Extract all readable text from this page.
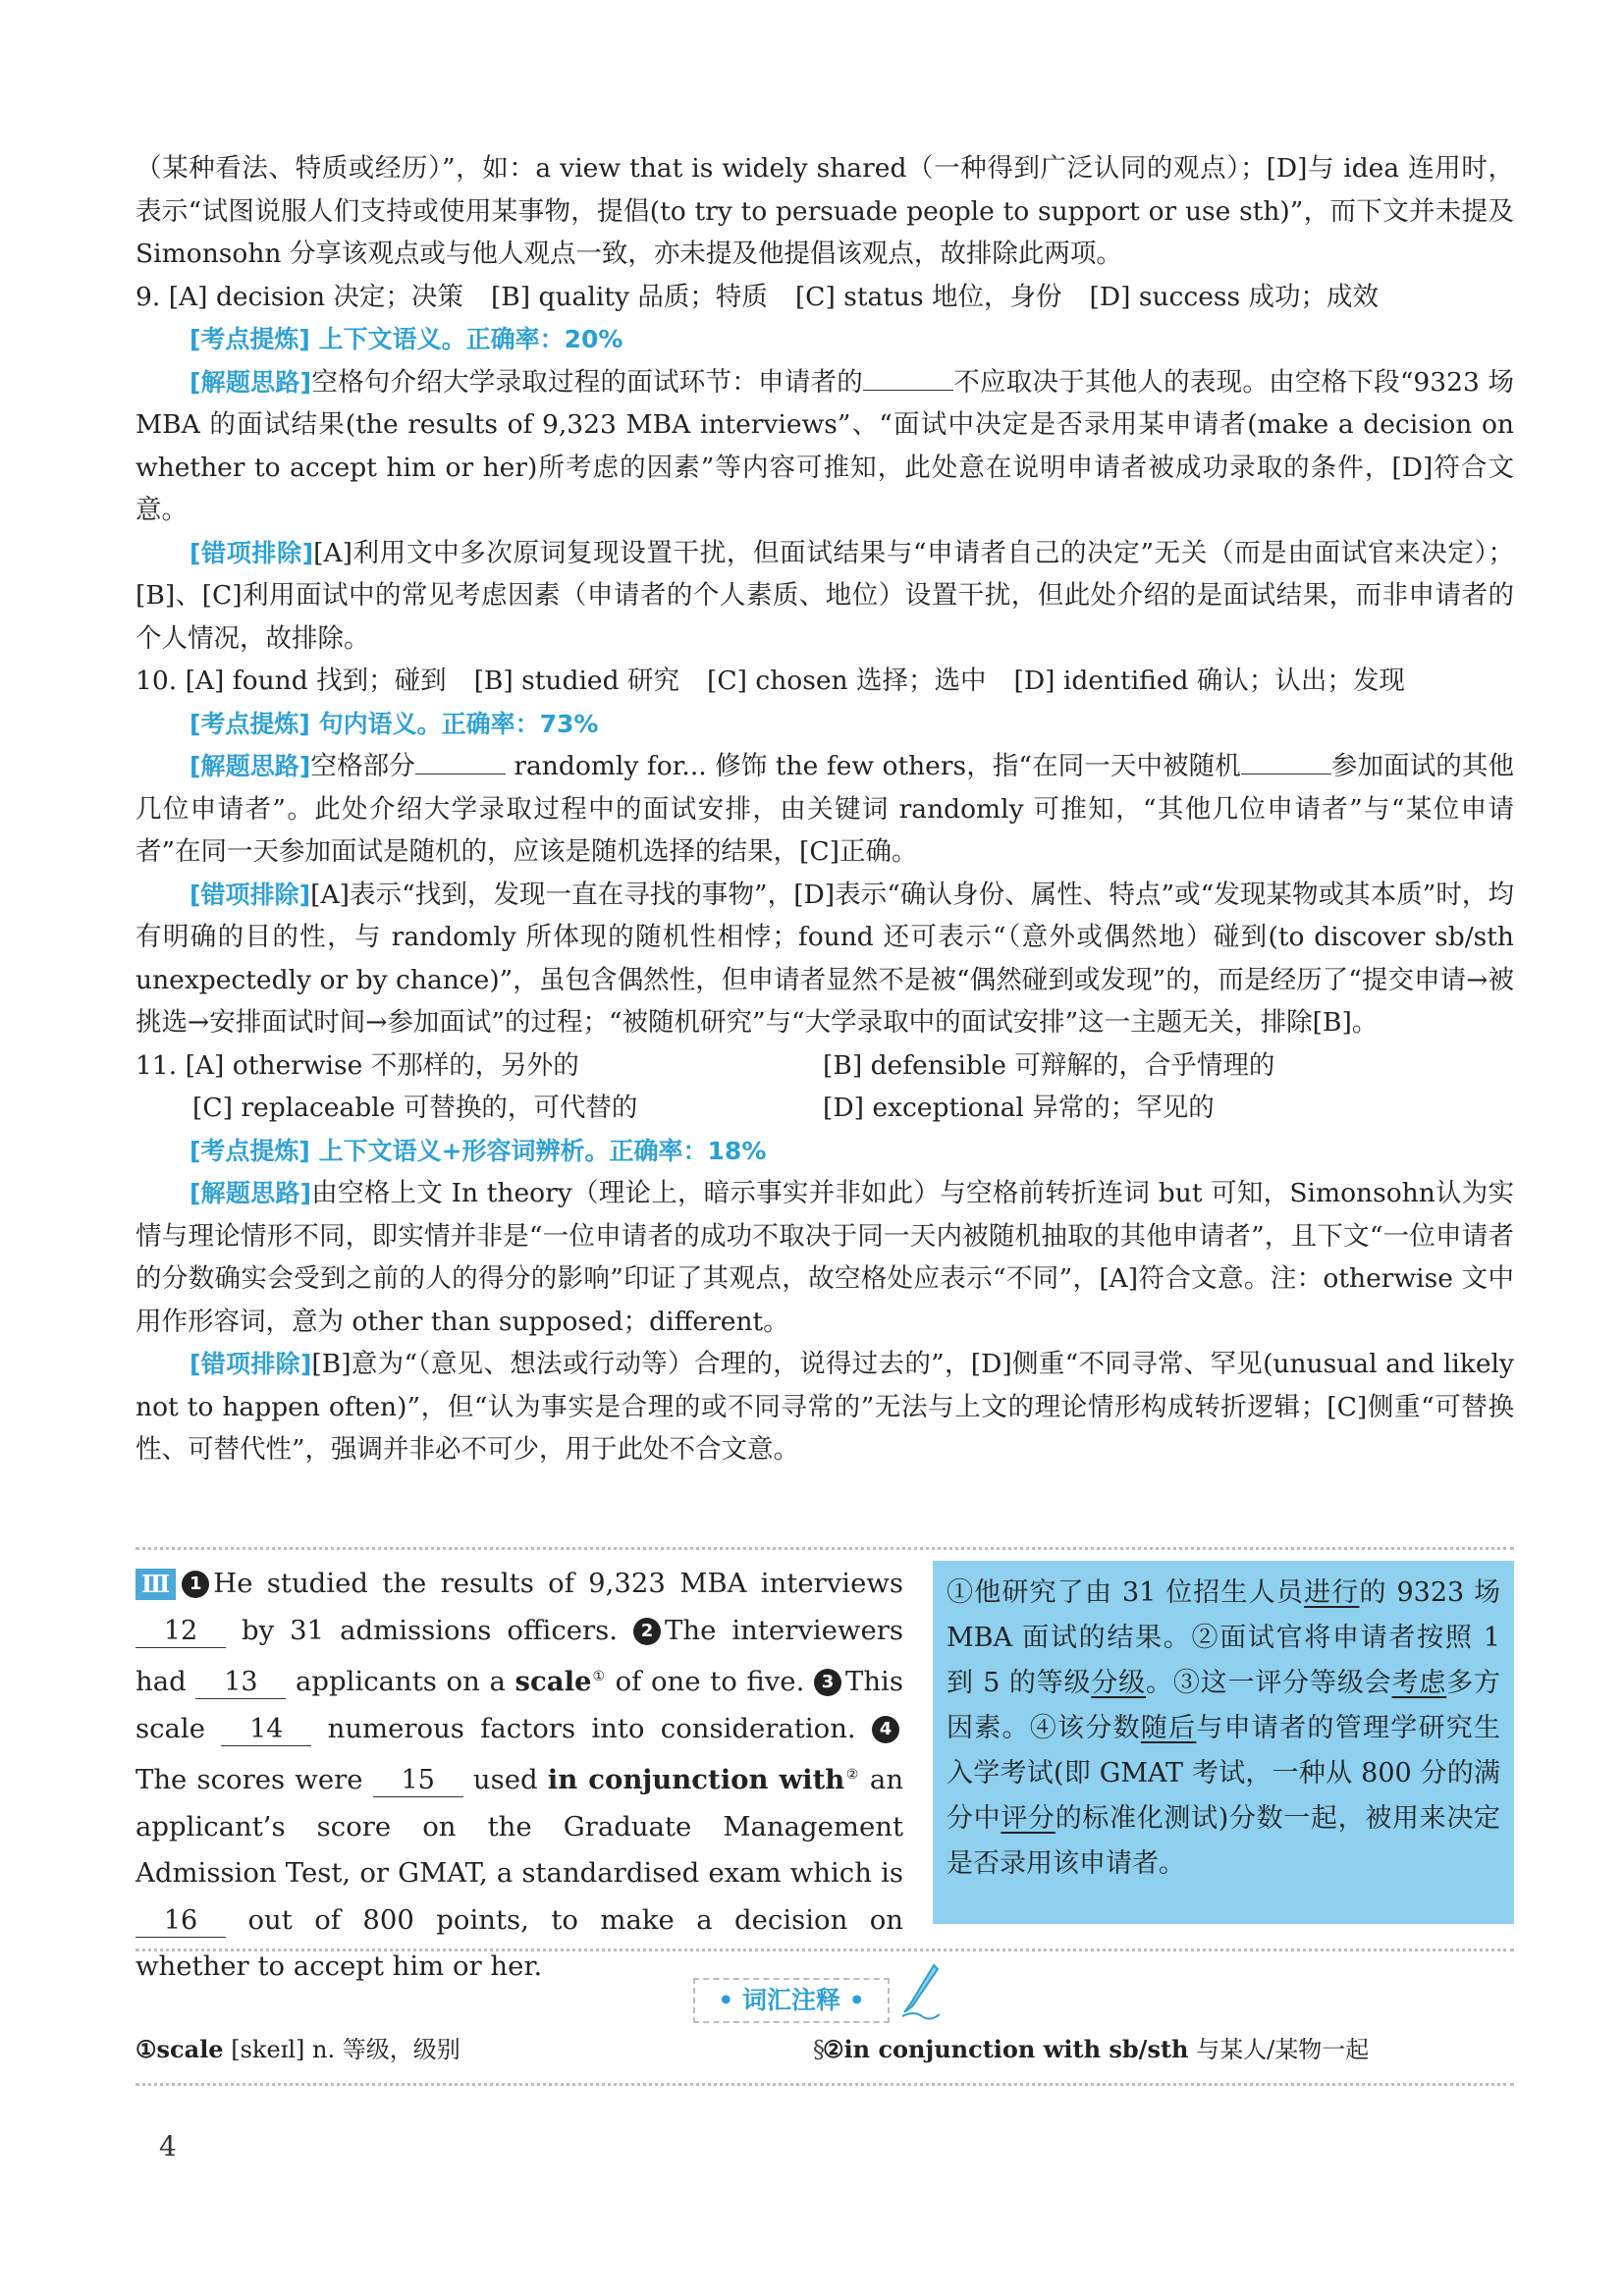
（某种看法、特质或经历）”，如：a view that is widely shared（一种得到广泛认同的观点）；[D]与 idea 连用时，表示“试图说服人们支持或使用某事物，提倡(to try to persuade people to support or use sth)”，而下文并未提及 Simonsohn 分享该观点或与他人观点一致，亦未提及他提倡该观点，故排除此两项。

9. [A] decision 决定；决策 [B] quality 品质；特质 [C] status 地位，身份 [D] success 成功；成效

[考点提炼] 上下文语义。正确率：20%

[解题思路]空格句介绍大学录取过程的面试环节：申请者的	不应取决于其他人的表现。由空格下段“9323 场 MBA 的面试结果(the results of 9,323 MBA interviews”、“面试中决定是否录用某申请者(make a decision on whether to accept him or her)所考虑的因素”等内容可推知，此处意在说明申请者被成功录取的条件，[D]符合文意。

[错项排除][A]利用文中多次原词复现设置干扰，但面试结果与“申请者自己的决定”无关（而是由面试官来决定）；[B]、[C]利用面试中的常见考虑因素（申请者的个人素质、地位）设置干扰，但此处介绍的是面试结果，而非申请者的个人情况，故排除。

10. [A] found 找到；碰到 [B] studied 研究 [C] chosen 选择；选中 [D] identified 确认；认出；发现

[考点提炼] 句内语义。正确率：73%

[解题思路]空格部分	randomly for... 修饰 the few others，指“在同一天中被随机	参加面试的其他几位申请者”。此处介绍大学录取过程中的面试安排，由关键词 randomly 可推知，“其他几位申请者”与“某位申请者”在同一天参加面试是随机的，应该是随机选择的结果，[C]正确。

[错项排除][A]表示“找到，发现一直在寻找的事物”，[D]表示“确认身份、属性、特点”或“发现某物或其本质”时，均有明确的目的性，与 randomly 所体现的随机性相悖；found 还可表示“（意外或偶然地）碰到(to discover sb/sth unexpectedly or by chance)”，虽包含偶然性，但申请者显然不是被“偶然碰到或发现”的，而是经历了“提交申请→被挑选→安排面试时间→参加面试”的过程；“被随机研究”与“大学录取中的面试安排”这一主题无关，排除[B]。

11. [A] otherwise 不那样的，另外的	[B] defensible 可辩解的，合乎情理的
[C] replaceable 可替换的，可代替的	[D] exceptional 异常的；罕见的

[考点提炼] 上下文语义+形容词辨析。正确率：18%

[解题思路]由空格上文 In theory（理论上，暗示事实并非如此）与空格前转折连词 but 可知，Simonsohn认为实情与理论情形不同，即实情并非是“一位申请者的成功不取决于同一天内被随机抽取的其他申请者”，且下文“一位申请者的分数确实会受到之前的人的得分的影响”印证了其观点，故空格处应表示“不同”，[A]符合文意。注：otherwise 文中用作形容词，意为 other than supposed；different。

[错项排除][B]意为“（意见、想法或行动等）合理的，说得过去的”，[D]侧重“不同寻常、罕见(unusual and likely not to happen often)”，但“认为事实是合理的或不同寻常的”无法与上文的理论情形构成转折逻辑；[C]侧重“可替换性、可替代性”，强调并非必不可少，用于此处不合文意。

Ⅲ 1 He studied the results of 9,323 MBA interviews 12 by 31 admissions officers. 2 The interviewers had 13 applicants on a scale① of one to five. 3 This scale 14 numerous factors into consideration. 4The scores were 15 used in conjunction with② an applicant’s score on the Graduate Management Admission Test, or GMAT, a standardised exam which is 16 out of 800 points, to make a decision on whether to accept him or her.
①他研究了由 31 位招生人员进行的 9323 场 MBA 面试的结果。②面试官将申请者按照 1 到 5 的等级分级。③这一评分等级会考虑多方因素。④该分数随后与申请者的管理学研究生入学考试(即 GMAT 考试，一种从 800 分的满分中评分的标准化测试)分数一起，被用来决定是否录用该申请者。
• 词汇注释 •
①scale [skeɪl] n. 等级，级别	§
②in conjunction with sb/sth 与某人/某物一起
4
